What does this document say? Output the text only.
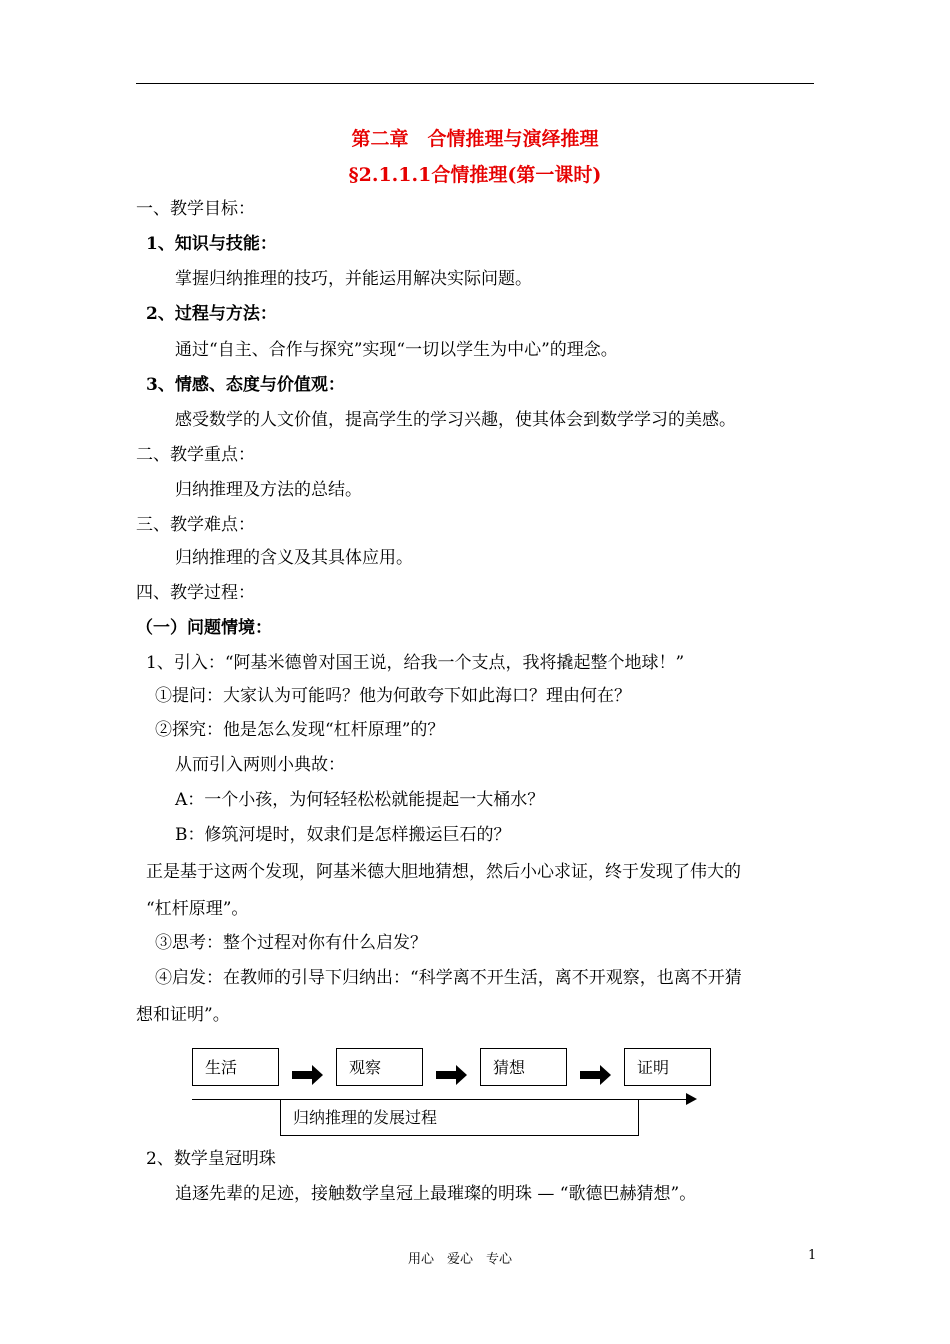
第二章　合情推理与演绎推理
§2.1.1.1合情推理(第一课时)
一、教学目标：
1、知识与技能：
掌握归纳推理的技巧，并能运用解决实际问题。
2、过程与方法：
通过“自主、合作与探究”实现“一切以学生为中心”的理念。
3、情感、态度与价值观：
感受数学的人文价值，提高学生的学习兴趣，使其体会到数学学习的美感。
二、教学重点：
归纳推理及方法的总结。
三、教学难点：
归纳推理的含义及其具体应用。
四、教学过程：
（一）问题情境：
1、引入：“阿基米德曾对国王说，给我一个支点，我将撬起整个地球！”
①提问：大家认为可能吗？他为何敢夸下如此海口？理由何在？
②探究：他是怎么发现“杠杆原理”的？
从而引入两则小典故：
A：一个小孩，为何轻轻松松就能提起一大桶水？
B：修筑河堤时，奴隶们是怎样搬运巨石的？
正是基于这两个发现，阿基米德大胆地猜想，然后小心求证，终于发现了伟大的
“杠杆原理”。
③思考：整个过程对你有什么启发？
④启发：在教师的引导下归纳出：“科学离不开生活，离不开观察，也离不开猜
想和证明”。
生活	观察	猜想	证明
归纳推理的发展过程
2、数学皇冠明珠
追逐先辈的足迹，接触数学皇冠上最璀璨的明珠 — “歌德巴赫猜想”。
用心　爱心　专心	1
